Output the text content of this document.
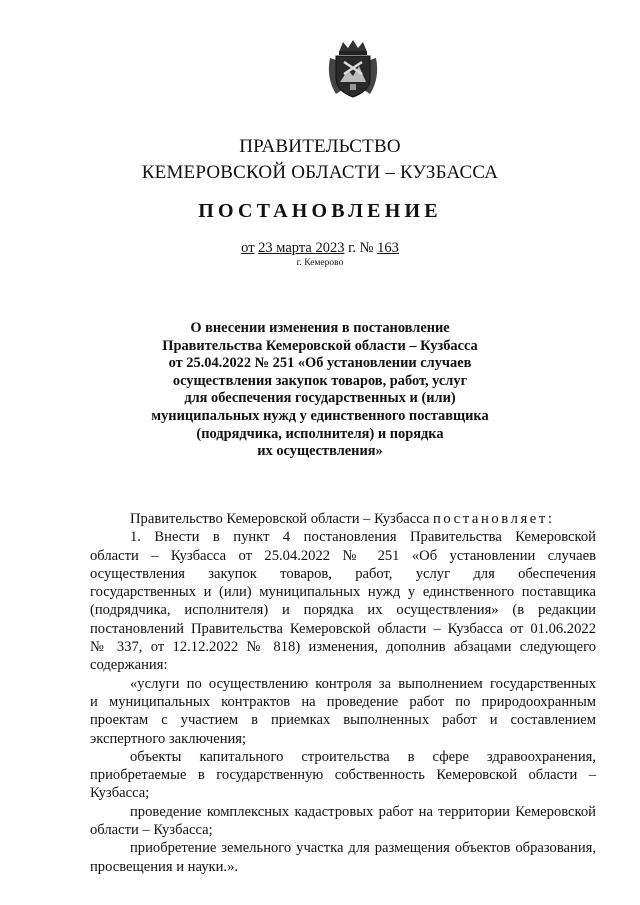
ПРАВИТЕЛЬСТВО
КЕМЕРОВСКОЙ ОБЛАСТИ – КУЗБАССА
ПОСТАНОВЛЕНИЕ
от 23 марта 2023 г. № 163
г. Кемерово
О внесении изменения в постановление
Правительства Кемеровской области – Кузбасса
от 25.04.2022 № 251 «Об установлении случаев
осуществления закупок товаров, работ, услуг
для обеспечения государственных и (или)
муниципальных нужд у единственного поставщика
(подрядчика, исполнителя) и порядка
их осуществления»
Правительство Кемеровской области – Кузбасса постановляет:
1. Внести в пункт 4 постановления Правительства Кемеровской
области – Кузбасса от 25.04.2022 № 251 «Об установлении случаев
осуществления закупок товаров, работ, услуг для обеспечения
государственных и (или) муниципальных нужд у единственного поставщика
(подрядчика, исполнителя) и порядка их осуществления» (в редакции
постановлений Правительства Кемеровской области – Кузбасса от 01.06.2022
№ 337, от 12.12.2022 № 818) изменения, дополнив абзацами следующего
содержания:
«услуги по осуществлению контроля за выполнением государственных
и муниципальных контрактов на проведение работ по природоохранным
проектам с участием в приемках выполненных работ и составлением
экспертного заключения;
объекты капитального строительства в сфере здравоохранения,
приобретаемые в государственную собственность Кемеровской области –
Кузбасса;
проведение комплексных кадастровых работ на территории Кемеровской
области – Кузбасса;
приобретение земельного участка для размещения объектов образования,
просвещения и науки.».
